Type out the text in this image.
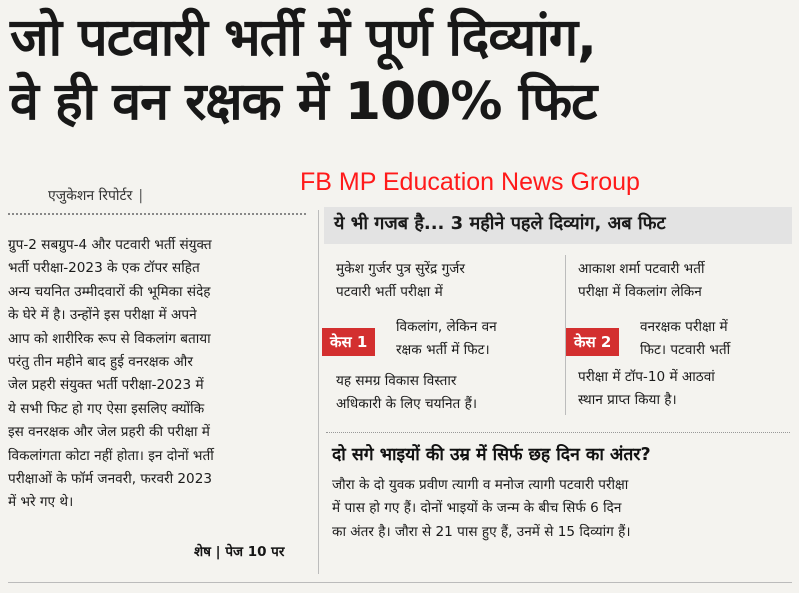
जो पटवारी भर्ती में पूर्ण दिव्यांग,
वे ही वन रक्षक में 100% फिट
एजुकेशन रिपोर्टर |	FB MP Education News Group
ग्रुप-2 सबग्रुप-4 और पटवारी भर्ती संयुक्त
भर्ती परीक्षा-2023 के एक टॉपर सहित
अन्य चयनित उम्मीदवारों की भूमिका संदेह
के घेरे में है। उन्होंने इस परीक्षा में अपने
आप को शारीरिक रूप से विकलांग बताया
परंतु तीन महीने बाद हुई वनरक्षक और
जेल प्रहरी संयुक्त भर्ती परीक्षा-2023 में
ये सभी फिट हो गए ऐसा इसलिए क्योंकि
इस वनरक्षक और जेल प्रहरी की परीक्षा में
विकलांगता कोटा नहीं होता। इन दोनों भर्ती
परीक्षाओं के फॉर्म जनवरी, फरवरी 2023
में भरे गए थे।
शेष | पेज 10 पर
ये भी गजब है... 3 महीने पहले दिव्यांग, अब फिट
मुकेश गुर्जर पुत्र सुरेंद्र गुर्जर
पटवारी भर्ती परीक्षा में
केस 1
विकलांग, लेकिन वन
रक्षक भर्ती में फिट।
यह समग्र विकास विस्तार
अधिकारी के लिए चयनित हैं।
आकाश शर्मा पटवारी भर्ती
परीक्षा में विकलांग लेकिन
केस 2
वनरक्षक परीक्षा में
फिट। पटवारी भर्ती
परीक्षा में टॉप-10 में आठवां
स्थान प्राप्त किया है।
दो सगे भाइयों की उम्र में सिर्फ छह दिन का अंतर?
जौरा के दो युवक प्रवीण त्यागी व मनोज त्यागी पटवारी परीक्षा
में पास हो गए हैं। दोनों भाइयों के जन्म के बीच सिर्फ 6 दिन
का अंतर है। जौरा से 21 पास हुए हैं, उनमें से 15 दिव्यांग हैं।
